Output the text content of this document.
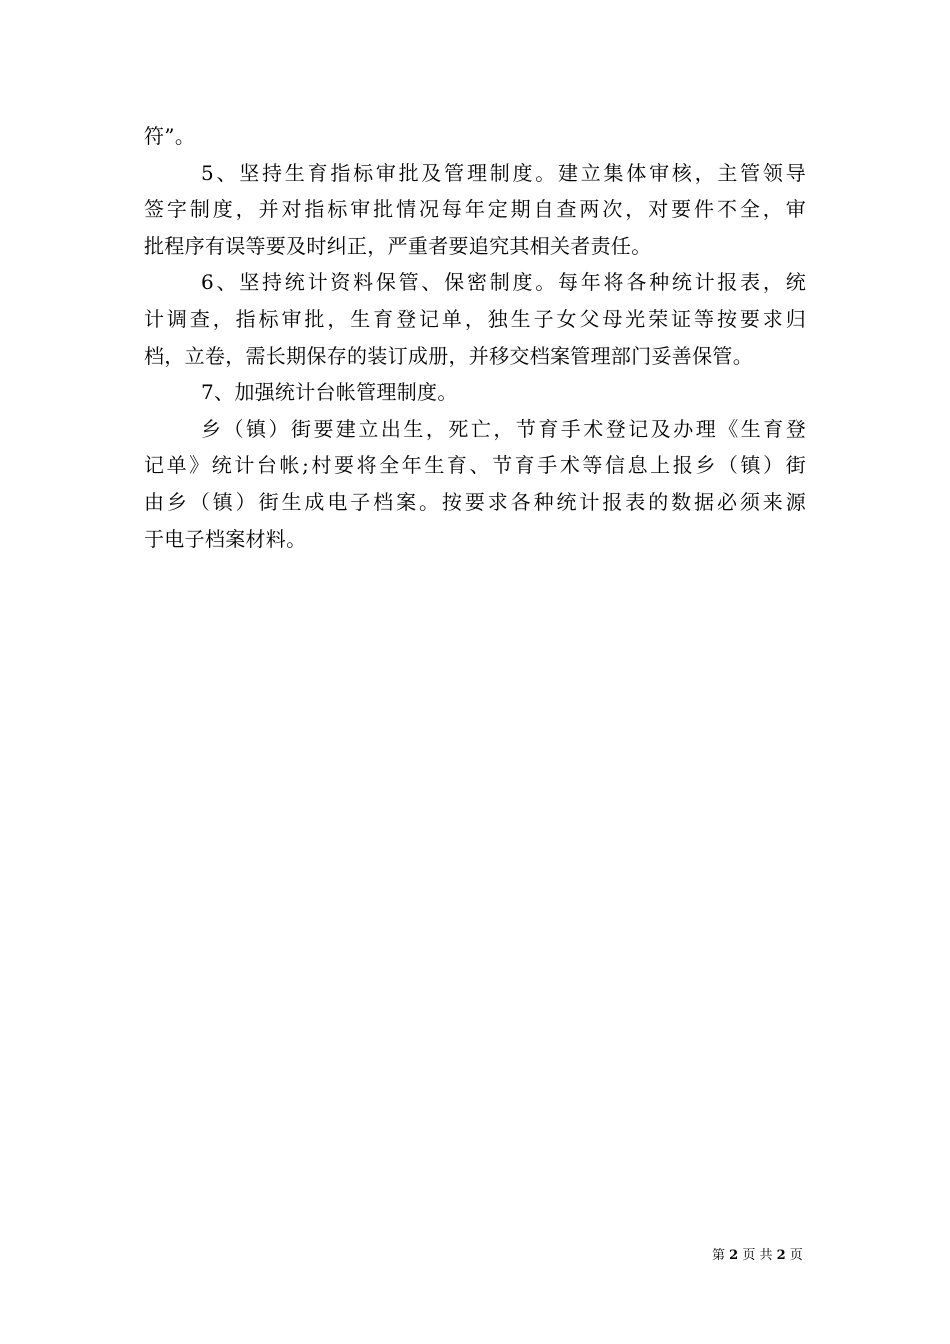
符”。
5、坚持生育指标审批及管理制度。建立集体审核，主管领导
签字制度，并对指标审批情况每年定期自查两次，对要件不全，审
批程序有误等要及时纠正，严重者要追究其相关者责任。
6、坚持统计资料保管、保密制度。每年将各种统计报表，统
计调查，指标审批，生育登记单，独生子女父母光荣证等按要求归
档，立卷，需长期保存的装订成册，并移交档案管理部门妥善保管。
7、加强统计台帐管理制度。
乡（镇）街要建立出生，死亡，节育手术登记及办理《生育登
记单》统计台帐;村要将全年生育、节育手术等信息上报乡（镇）街
由乡（镇）街生成电子档案。按要求各种统计报表的数据必须来源
于电子档案材料。
第 2 页 共 2 页
